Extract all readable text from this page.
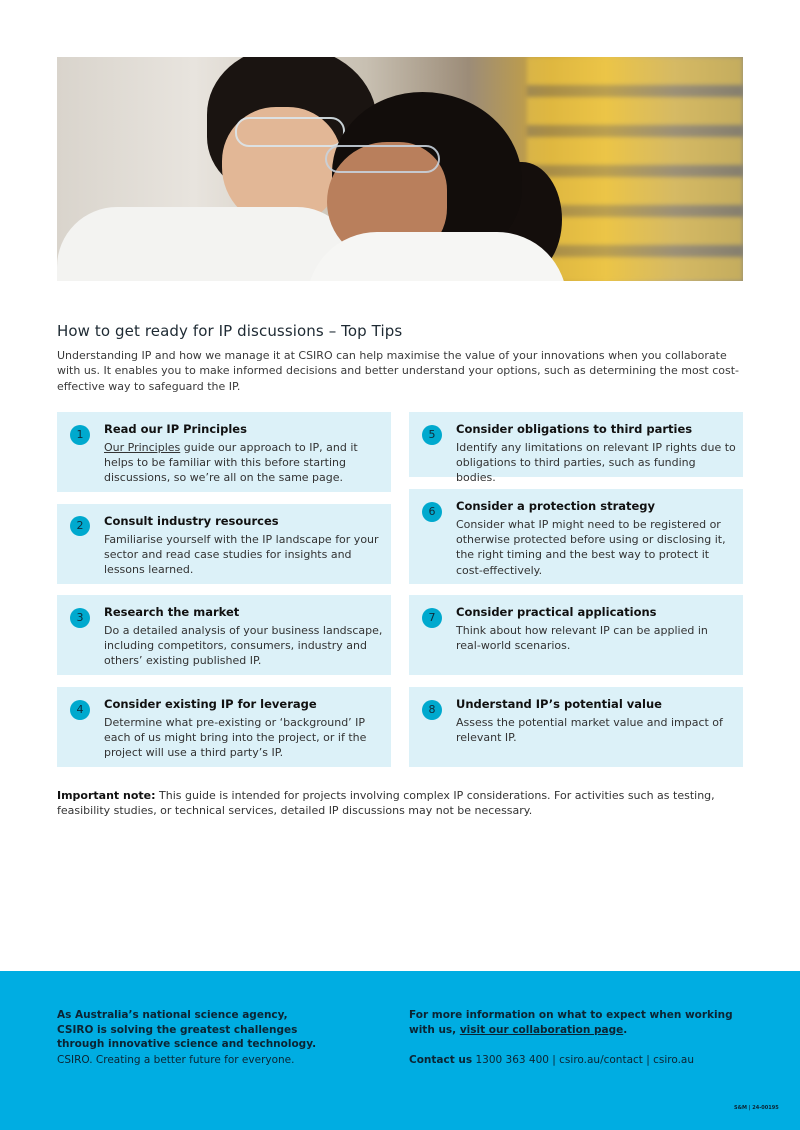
How to get ready for IP discussions – Top Tips
Understanding IP and how we manage it at CSIRO can help maximise the value of your innovations when you collaborate with us. It enables you to make informed decisions and better understand your options, such as determining the most cost-effective way to safeguard the IP.
1	Read our IP Principles
Our Principles guide our approach to IP, and it helps to be familiar with this before starting discussions, so we’re all on the same page.
2	Consult industry resources
Familiarise yourself with the IP landscape for your sector and read case studies for insights and lessons learned.
3	Research the market
Do a detailed analysis of your business landscape, including competitors, consumers, industry and others’ existing published IP.
4	Consider existing IP for leverage
Determine what pre-existing or ‘background’ IP each of us might bring into the project, or if the project will use a third party’s IP.
5	Consider obligations to third parties
Identify any limitations on relevant IP rights due to obligations to third parties, such as funding bodies.
6	Consider a protection strategy
Consider what IP might need to be registered or otherwise protected before using or disclosing it, the right timing and the best way to protect it cost-effectively.
7	Consider practical applications
Think about how relevant IP can be applied in real-world scenarios.
8	Understand IP’s potential value
Assess the potential market value and impact of relevant IP.
Important note: This guide is intended for projects involving complex IP considerations. For activities such as testing, feasibility studies, or technical services, detailed IP discussions may not be necessary.
As Australia’s national science agency, CSIRO is solving the greatest challenges through innovative science and technology.
CSIRO. Creating a better future for everyone.
For more information on what to expect when working with us, visit our collaboration page.
Contact us 1300 363 400 | csiro.au/contact | csiro.au
S&M | 24-00195
